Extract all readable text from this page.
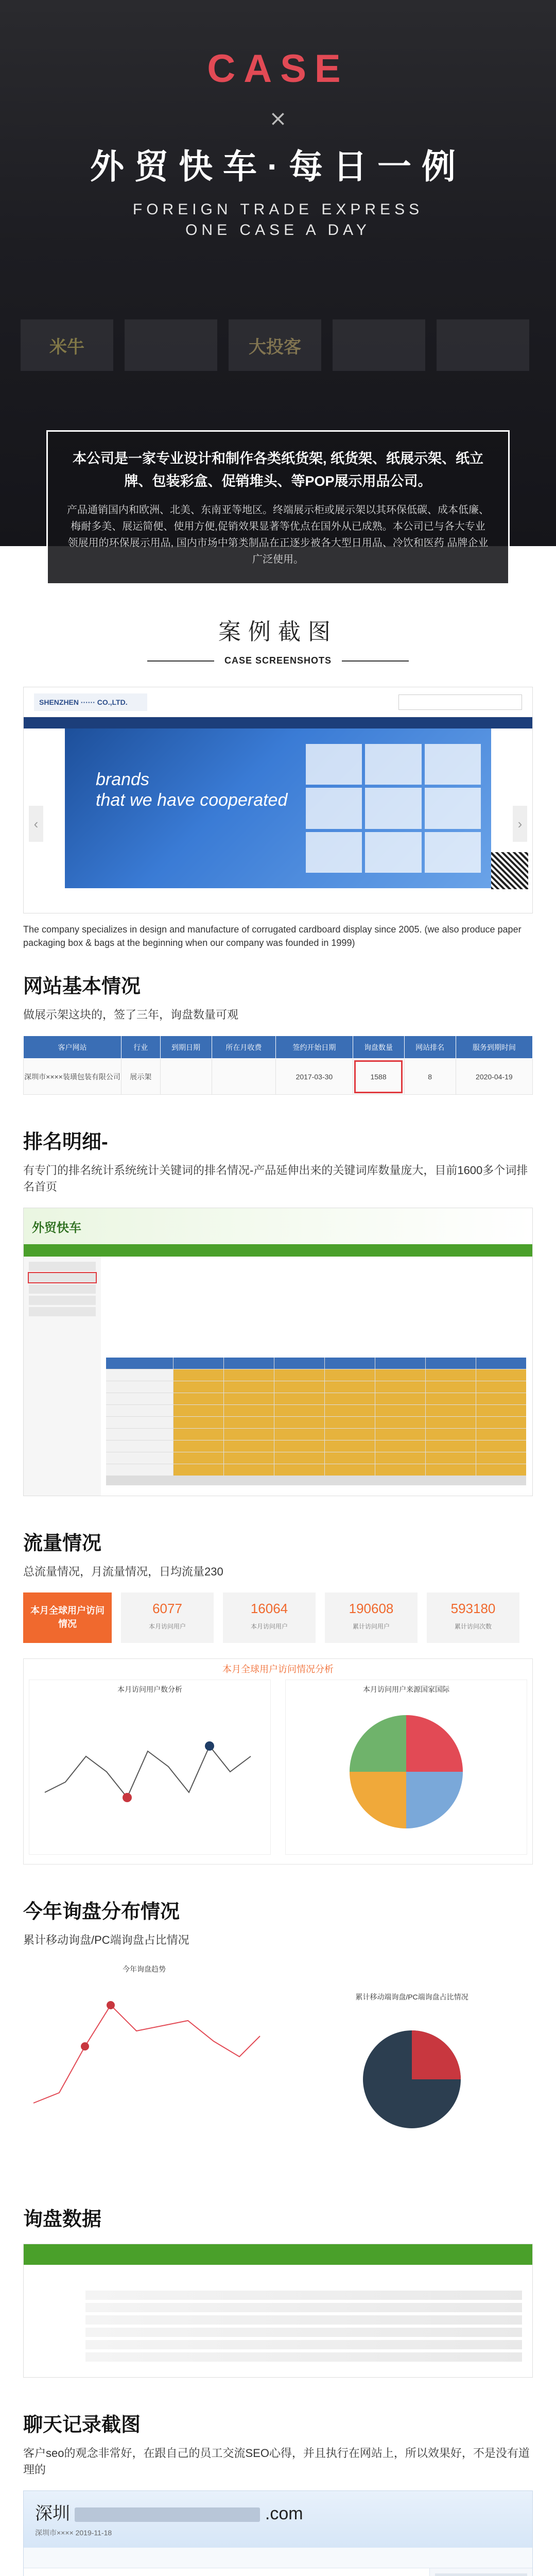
CASE
×
外贸快车·每日一例
FOREIGN TRADE EXPRESS
ONE CASE A DAY
米牛	大投客
本公司是一家专业设计和制作各类纸货架, 纸货架、纸展示架、纸立牌、包装彩盒、促销堆头、等POP展示用品公司。
产品通销国内和欧洲、北美、东南亚等地区。终端展示柜或展示架以其环保低碳、成本低廉、梅耐多美、展运简便、使用方便,促销效果显著等优点在国外从已成熟。本公司已与各大专业领展用的环保展示用品, 国内市场中第类制品在正逐步被各大型日用品、冷饮和医药 品牌企业广泛使用。
案例截图
CASE SCREENSHOTS
SHENZHEN ······ CO.,LTD.
brands
that we have cooperated
‹	›
The company specializes in design and manufacture of corrugated cardboard display since 2005. (we also produce paper packaging box & bags at the beginning when our company was founded in 1999)
网站基本情况
做展示架这块的，签了三年，询盘数量可观
客户网站	行业	到期日期	所在月收费	签约开始日期	询盘数量	网站排名	服务到期时间
深圳市××××装璜包装有限公司	展示架			2017-03-30	1588	8	2020-04-19
排名明细-
有专门的排名统计系统统计关键词的排名情况-产品延伸出来的关键词库数量庞大，目前1600多个词排名首页
外贸快车
流量情况
总流量情况，月流量情况，日均流量230
本月全球用户访问情况
6077
本月访问用户
16064
本月访问用户
190608
累计访问用户
593180
累计访问次数
本月全球用户访问情况分析
本月访问用户数分析	本月访问用户来源国家国际
今年询盘分布情况
累计移动询盘/PC端询盘占比情况
今年询盘趋势
累计移动端询盘/PC端询盘占比情况
询盘数据
聊天记录截图
客户seo的观念非常好，在跟自己的员工交流SEO心得，并且执行在网站上，所以效果好，不是没有道理的
深圳	.com
深圳市×××× 2019-11-18
